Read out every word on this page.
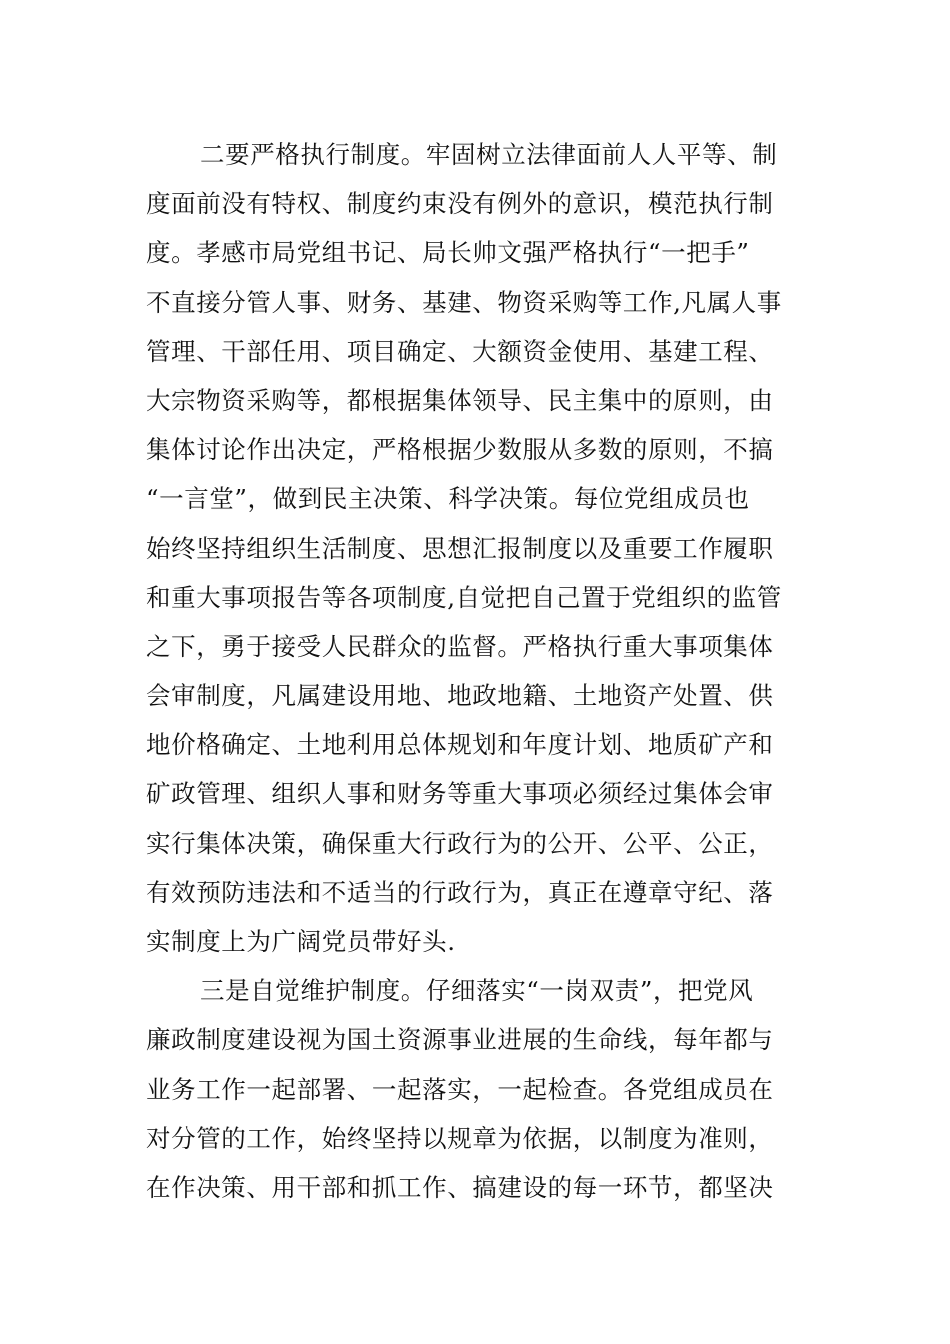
二要严格执行制度。牢固树立法律面前人人平等、制
度面前没有特权、制度约束没有例外的意识，模范执行制
度。孝感市局党组书记、局长帅文强严格执行“一把手”
不直接分管人事、财务、基建、物资采购等工作,凡属人事
管理、干部任用、项目确定、大额资金使用、基建工程、
大宗物资采购等，都根据集体领导、民主集中的原则，由
集体讨论作出决定，严格根据少数服从多数的原则，不搞
“一言堂”，做到民主决策、科学决策。每位党组成员也
始终坚持组织生活制度、思想汇报制度以及重要工作履职
和重大事项报告等各项制度,自觉把自己置于党组织的监管
之下，勇于接受人民群众的监督。严格执行重大事项集体
会审制度，凡属建设用地、地政地籍、土地资产处置、供
地价格确定、土地利用总体规划和年度计划、地质矿产和
矿政管理、组织人事和财务等重大事项必须经过集体会审
实行集体决策，确保重大行政行为的公开、公平、公正，
有效预防违法和不适当的行政行为，真正在遵章守纪、落
实制度上为广阔党员带好头.
三是自觉维护制度。仔细落实“一岗双责”，把党风
廉政制度建设视为国土资源事业进展的生命线，每年都与
业务工作一起部署、一起落实，一起检查。各党组成员在
对分管的工作，始终坚持以规章为依据，以制度为准则，
在作决策、用干部和抓工作、搞建设的每一环节，都坚决
